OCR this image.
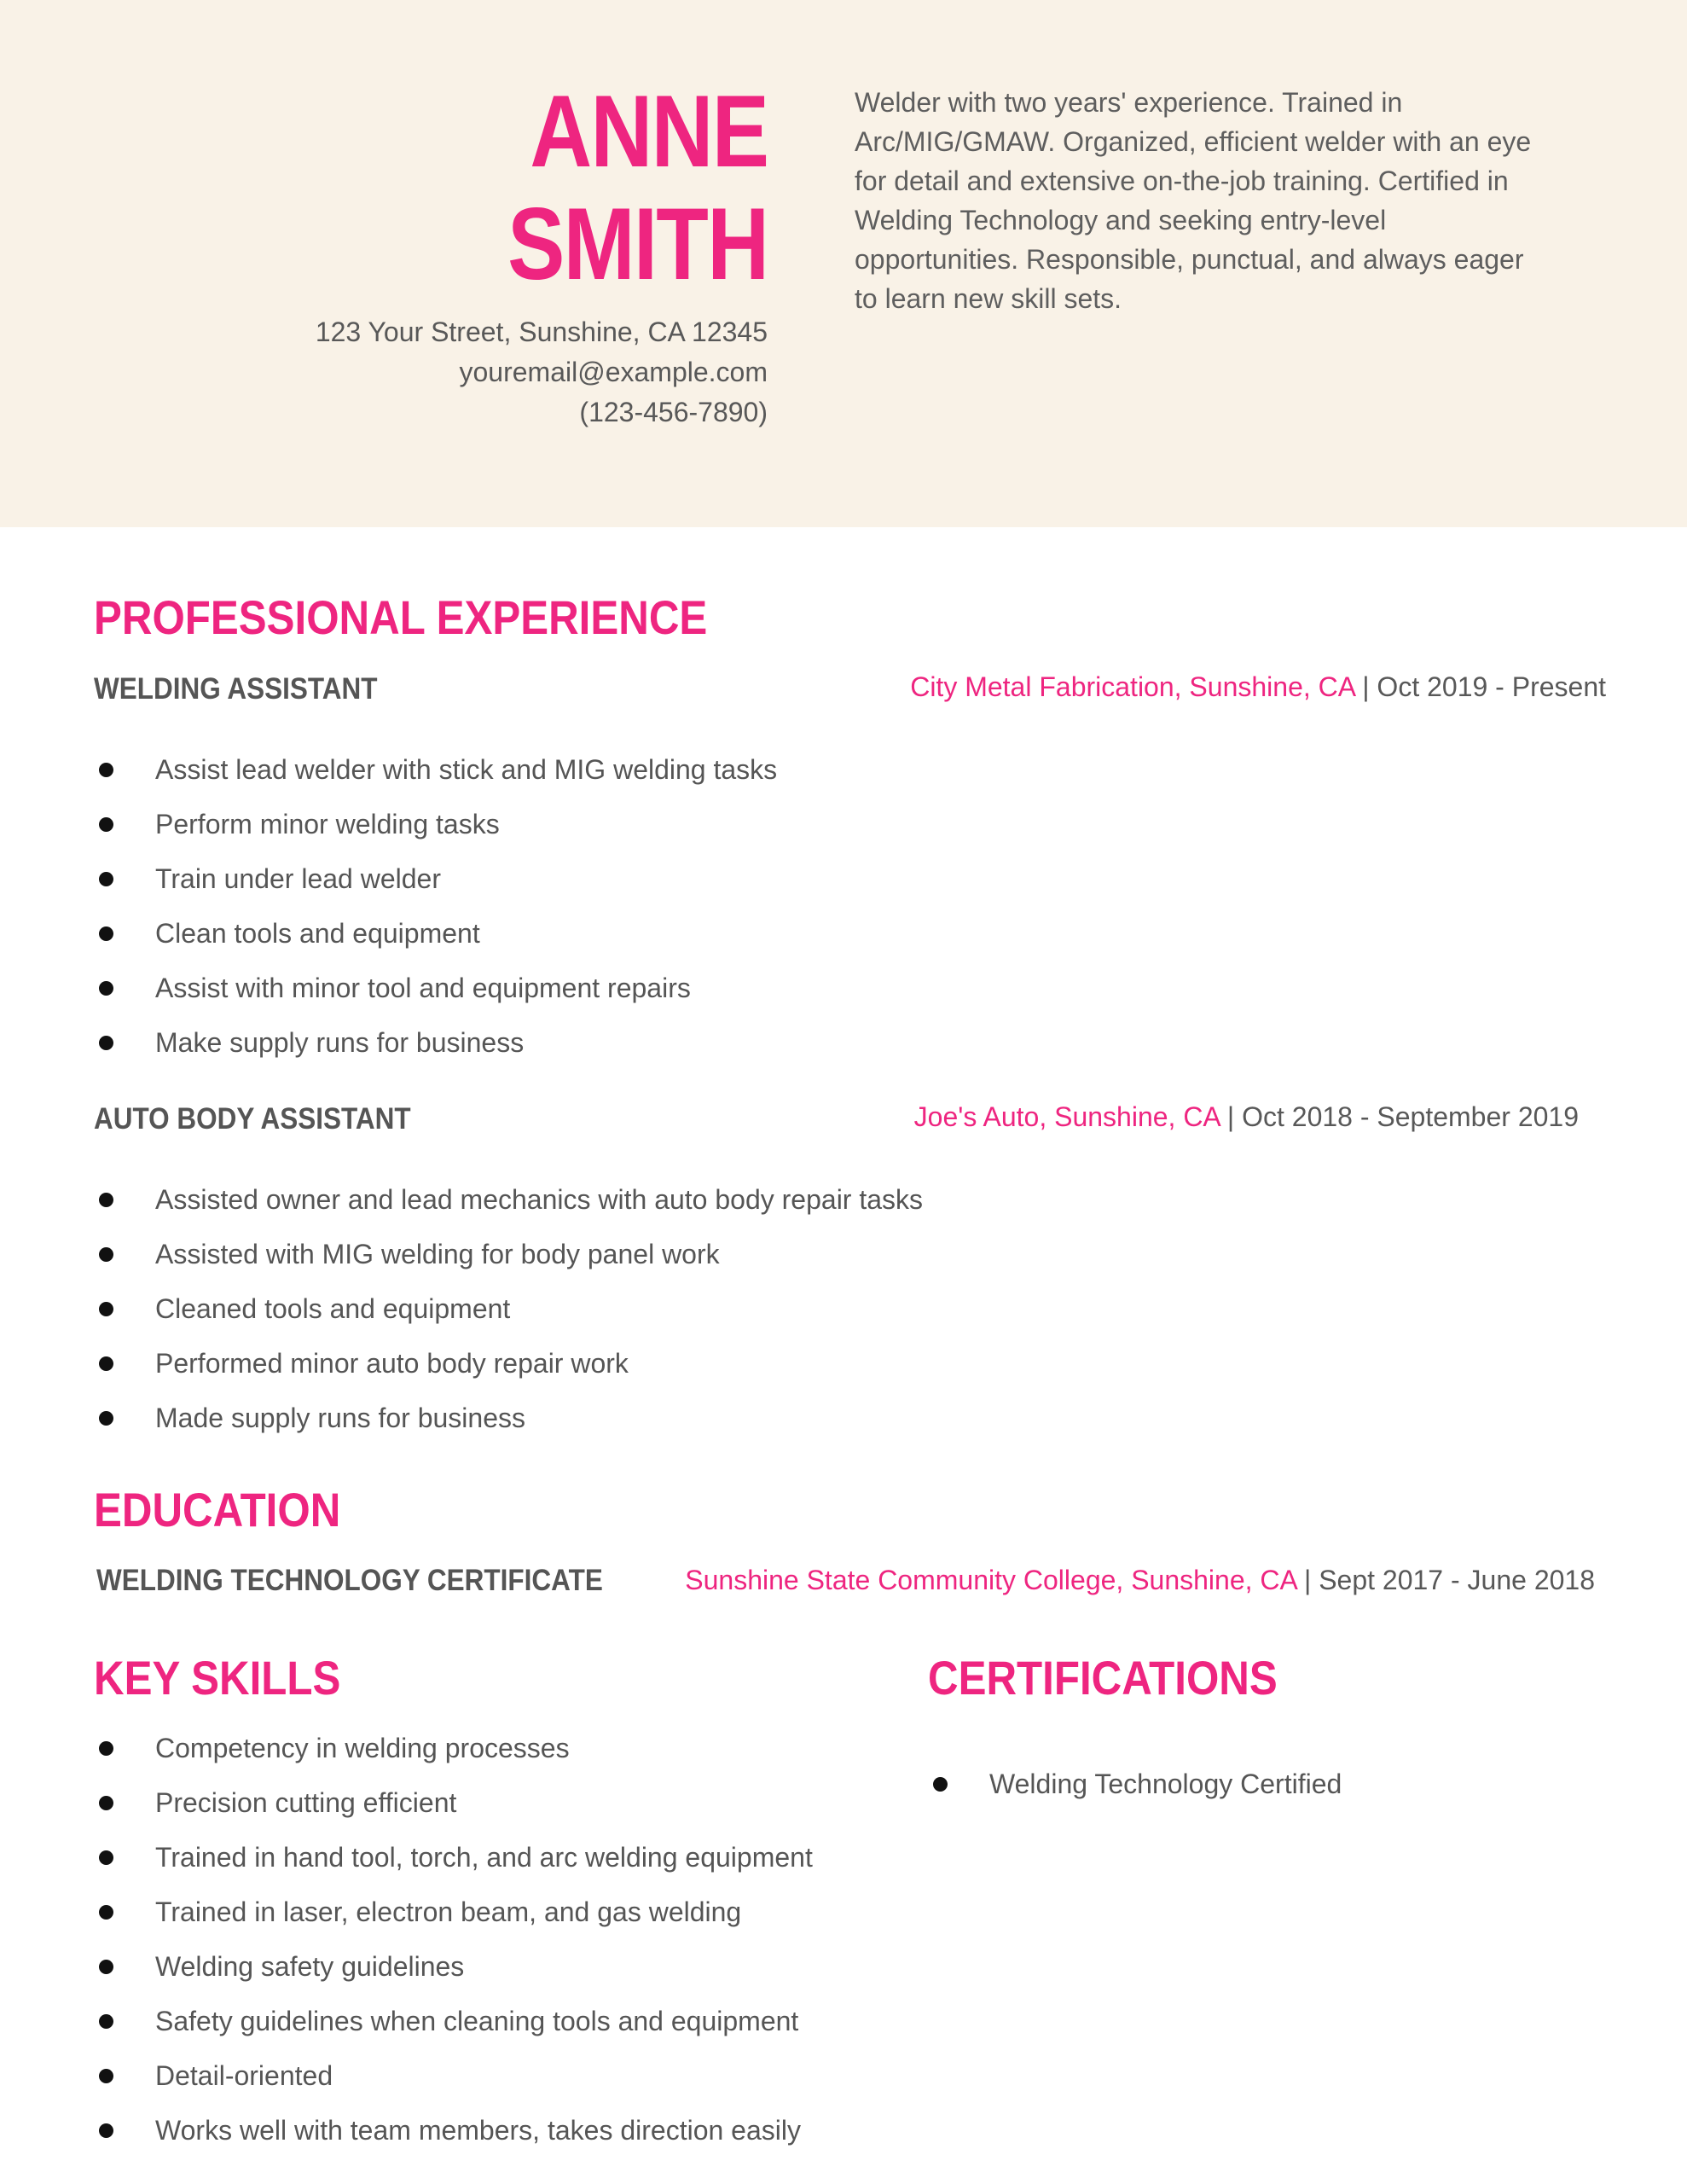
ANNE
SMITH
123 Your Street, Sunshine, CA 12345
youremail@example.com
(123-456-7890)
Welder with two years' experience. Trained in Arc/MIG/GMAW. Organized, efficient welder with an eye for detail and extensive on-the-job training. Certified in Welding Technology and seeking entry-level opportunities. Responsible, punctual, and always eager to learn new skill sets.
PROFESSIONAL EXPERIENCE
WELDING ASSISTANT	City Metal Fabrication, Sunshine, CA | Oct 2019 - Present
Assist lead welder with stick and MIG welding tasks
Perform minor welding tasks
Train under lead welder
Clean tools and equipment
Assist with minor tool and equipment repairs
Make supply runs for business
AUTO BODY ASSISTANT	Joe's Auto, Sunshine, CA | Oct 2018 - September 2019
Assisted owner and lead mechanics with auto body repair tasks
Assisted with MIG welding for body panel work
Cleaned tools and equipment
Performed minor auto body repair work
Made supply runs for business
EDUCATION
WELDING TECHNOLOGY CERTIFICATE	Sunshine State Community College, Sunshine, CA | Sept 2017 - June 2018
KEY SKILLS
Competency in welding processes
Precision cutting efficient
Trained in hand tool, torch, and arc welding equipment
Trained in laser, electron beam, and gas welding
Welding safety guidelines
Safety guidelines when cleaning tools and equipment
Detail-oriented
Works well with team members, takes direction easily
CERTIFICATIONS
Welding Technology Certified
